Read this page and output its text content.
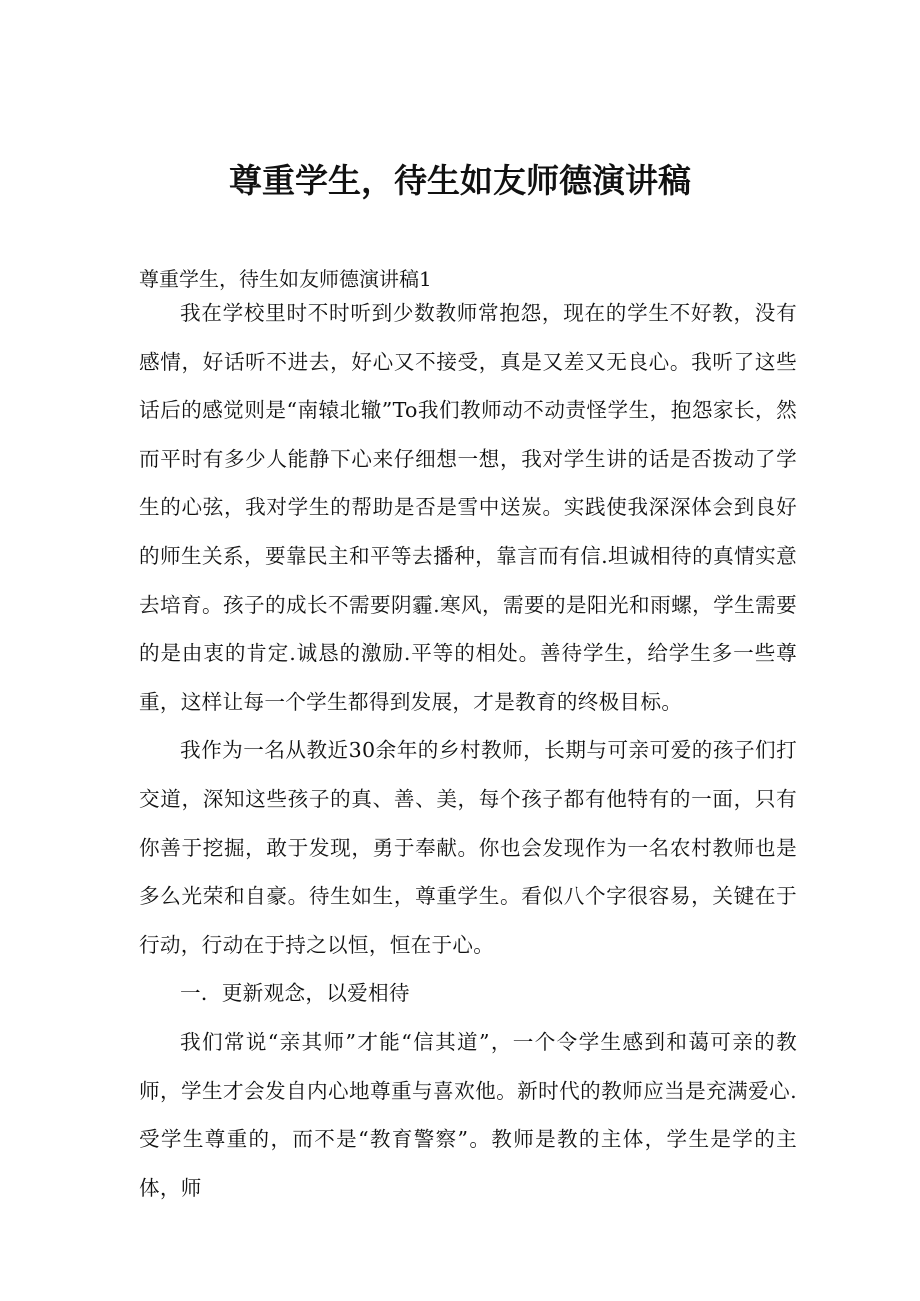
尊重学生，待生如友师德演讲稿

尊重学生，待生如友师德演讲稿1

我在学校里时不时听到少数教师常抱怨，现在的学生不好教，没有感情，好话听不进去，好心又不接受，真是又差又无良心。我听了这些话后的感觉则是“南辕北辙”To我们教师动不动责怪学生，抱怨家长，然而平时有多少人能静下心来仔细想一想，我对学生讲的话是否拨动了学生的心弦，我对学生的帮助是否是雪中送炭。实践使我深深体会到良好的师生关系，要靠民主和平等去播种，靠言而有信.坦诚相待的真情实意去培育。孩子的成长不需要阴霾.寒风，需要的是阳光和雨螺，学生需要的是由衷的肯定.诚恳的激励.平等的相处。善待学生，给学生多一些尊重，这样让每一个学生都得到发展，才是教育的终极目标。

我作为一名从教近30余年的乡村教师，长期与可亲可爱的孩子们打交道，深知这些孩子的真、善、美，每个孩子都有他特有的一面，只有你善于挖掘，敢于发现，勇于奉献。你也会发现作为一名农村教师也是多么光荣和自豪。待生如生，尊重学生。看似八个字很容易，关键在于行动，行动在于持之以恒，恒在于心。

一．更新观念，以爱相待

我们常说“亲其师”才能“信其道”，一个令学生感到和蔼可亲的教师，学生才会发自内心地尊重与喜欢他。新时代的教师应当是充满爱心.受学生尊重的，而不是“教育警察”。教师是教的主体，学生是学的主体，师
